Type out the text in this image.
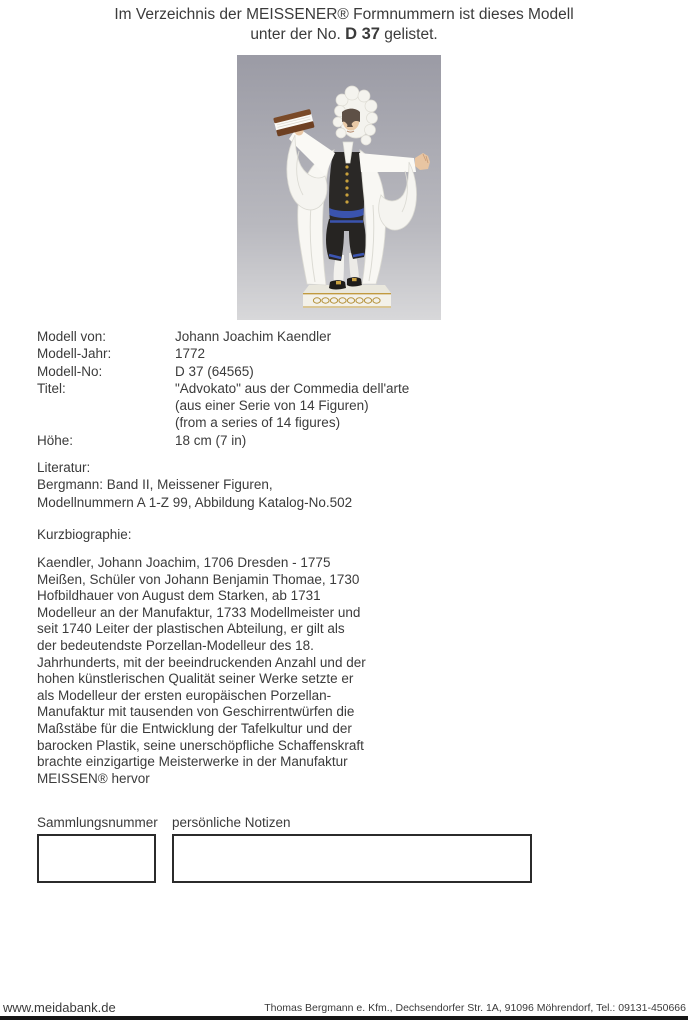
Im Verzeichnis der MEISSENER® Formnummern ist dieses Modell
unter der No. D 37 gelistet.
Modell von:	Johann Joachim Kaendler
Modell-Jahr:	1772
Modell-No:	D 37 (64565)
Titel:	"Advokato" aus der Commedia dell'arte
(aus einer Serie von 14 Figuren)
(from a series of 14 figures)
Höhe:	18 cm (7 in)
Literatur:
Bergmann: Band II, Meissener Figuren,
Modellnummern A 1-Z 99, Abbildung Katalog-No.502
Kurzbiographie:
Kaendler, Johann Joachim, 1706 Dresden - 1775 Meißen, Schüler von Johann Benjamin Thomae, 1730 Hofbildhauer von August dem Starken, ab 1731 Modelleur an der Manufaktur, 1733 Modellmeister und seit 1740 Leiter der plastischen Abteilung, er gilt als der bedeutendste Porzellan-Modelleur des 18. Jahrhunderts, mit der beeindruckenden Anzahl und der hohen künstlerischen Qualität seiner Werke setzte er als Modelleur der ersten europäischen Porzellan-Manufaktur mit tausenden von Geschirrentwürfen die Maßstäbe für die Entwicklung der Tafelkultur und der barocken Plastik, seine unerschöpfliche Schaffenskraft brachte einzigartige Meisterwerke in der Manufaktur MEISSEN® hervor
Sammlungsnummer persönliche Notizen
www.meidabank.de	Thomas Bergmann e. Kfm., Dechsendorfer Str. 1A, 91096 Möhrendorf, Tel.: 09131-450666
